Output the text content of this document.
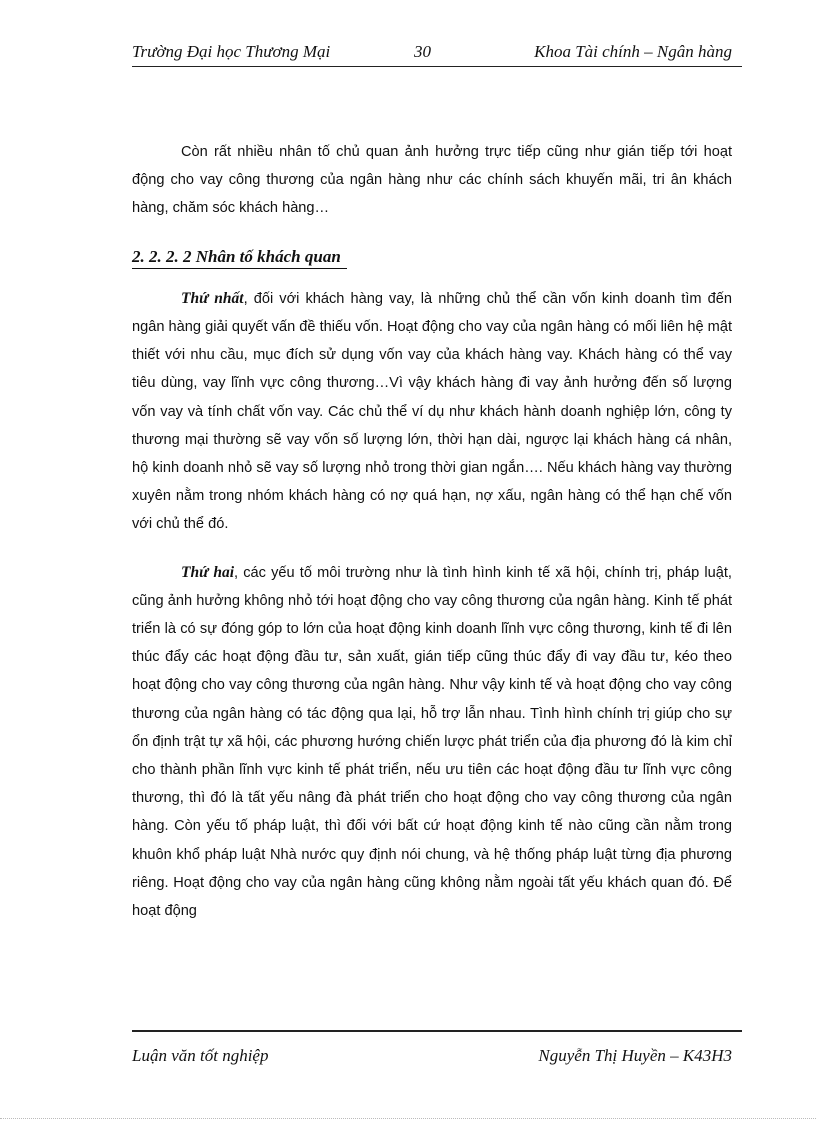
Trường Đại học Thương Mại	30	Khoa Tài chính – Ngân hàng

Còn rất nhiều nhân tố chủ quan ảnh hưởng trực tiếp cũng như gián tiếp tới hoạt động cho vay công thương của ngân hàng như các chính sách khuyến mãi, tri ân khách hàng, chăm sóc khách hàng…

2. 2. 2. 2 Nhân tố khách quan

Thứ nhất, đối với khách hàng vay, là những chủ thể cần vốn kinh doanh tìm đến ngân hàng giải quyết vấn đề thiếu vốn. Hoạt động cho vay của ngân hàng có mối liên hệ mật thiết với nhu cầu, mục đích sử dụng vốn vay của khách hàng vay. Khách hàng có thể vay tiêu dùng, vay lĩnh vực công thương…Vì vậy khách hàng đi vay ảnh hưởng đến số lượng vốn vay và tính chất vốn vay. Các chủ thể ví dụ như khách hành doanh nghiệp lớn, công ty thương mại thường sẽ vay vốn số lượng lớn, thời hạn dài, ngược lại khách hàng cá nhân, hộ kinh doanh nhỏ sẽ vay số lượng nhỏ trong thời gian ngắn…. Nếu khách hàng vay thường xuyên nằm trong nhóm khách hàng có nợ quá hạn, nợ xấu, ngân hàng có thể hạn chế vốn với chủ thể đó.

Thứ hai, các yếu tố môi trường như là tình hình kinh tế xã hội, chính trị, pháp luật, cũng ảnh hưởng không nhỏ tới hoạt động cho vay công thương của ngân hàng. Kinh tế phát triển là có sự đóng góp to lớn của hoạt động kinh doanh lĩnh vực công thương, kinh tế đi lên thúc đẩy các hoạt động đầu tư, sản xuất, gián tiếp cũng thúc đẩy đi vay đầu tư, kéo theo hoạt động cho vay công thương của ngân hàng. Như vậy kinh tế và hoạt động cho vay công thương của ngân hàng có tác động qua lại, hỗ trợ lẫn nhau. Tình hình chính trị giúp cho sự ổn định trật tự xã hội, các phương hướng chiến lược phát triển của địa phương đó là kim chỉ cho thành phần lĩnh vực kinh tế phát triển, nếu ưu tiên các hoạt động đầu tư lĩnh vực công thương, thì đó là tất yếu nâng đà phát triển cho hoạt động cho vay công thương của ngân hàng. Còn yếu tố pháp luật, thì đối với bất cứ hoạt động kinh tế nào cũng cần nằm trong khuôn khổ pháp luật Nhà nước quy định nói chung, và hệ thống pháp luật từng địa phương riêng. Hoạt động cho vay của ngân hàng cũng không nằm ngoài tất yếu khách quan đó. Để hoạt động

Luận văn tốt nghiệp	Nguyễn Thị Huyền – K43H3
